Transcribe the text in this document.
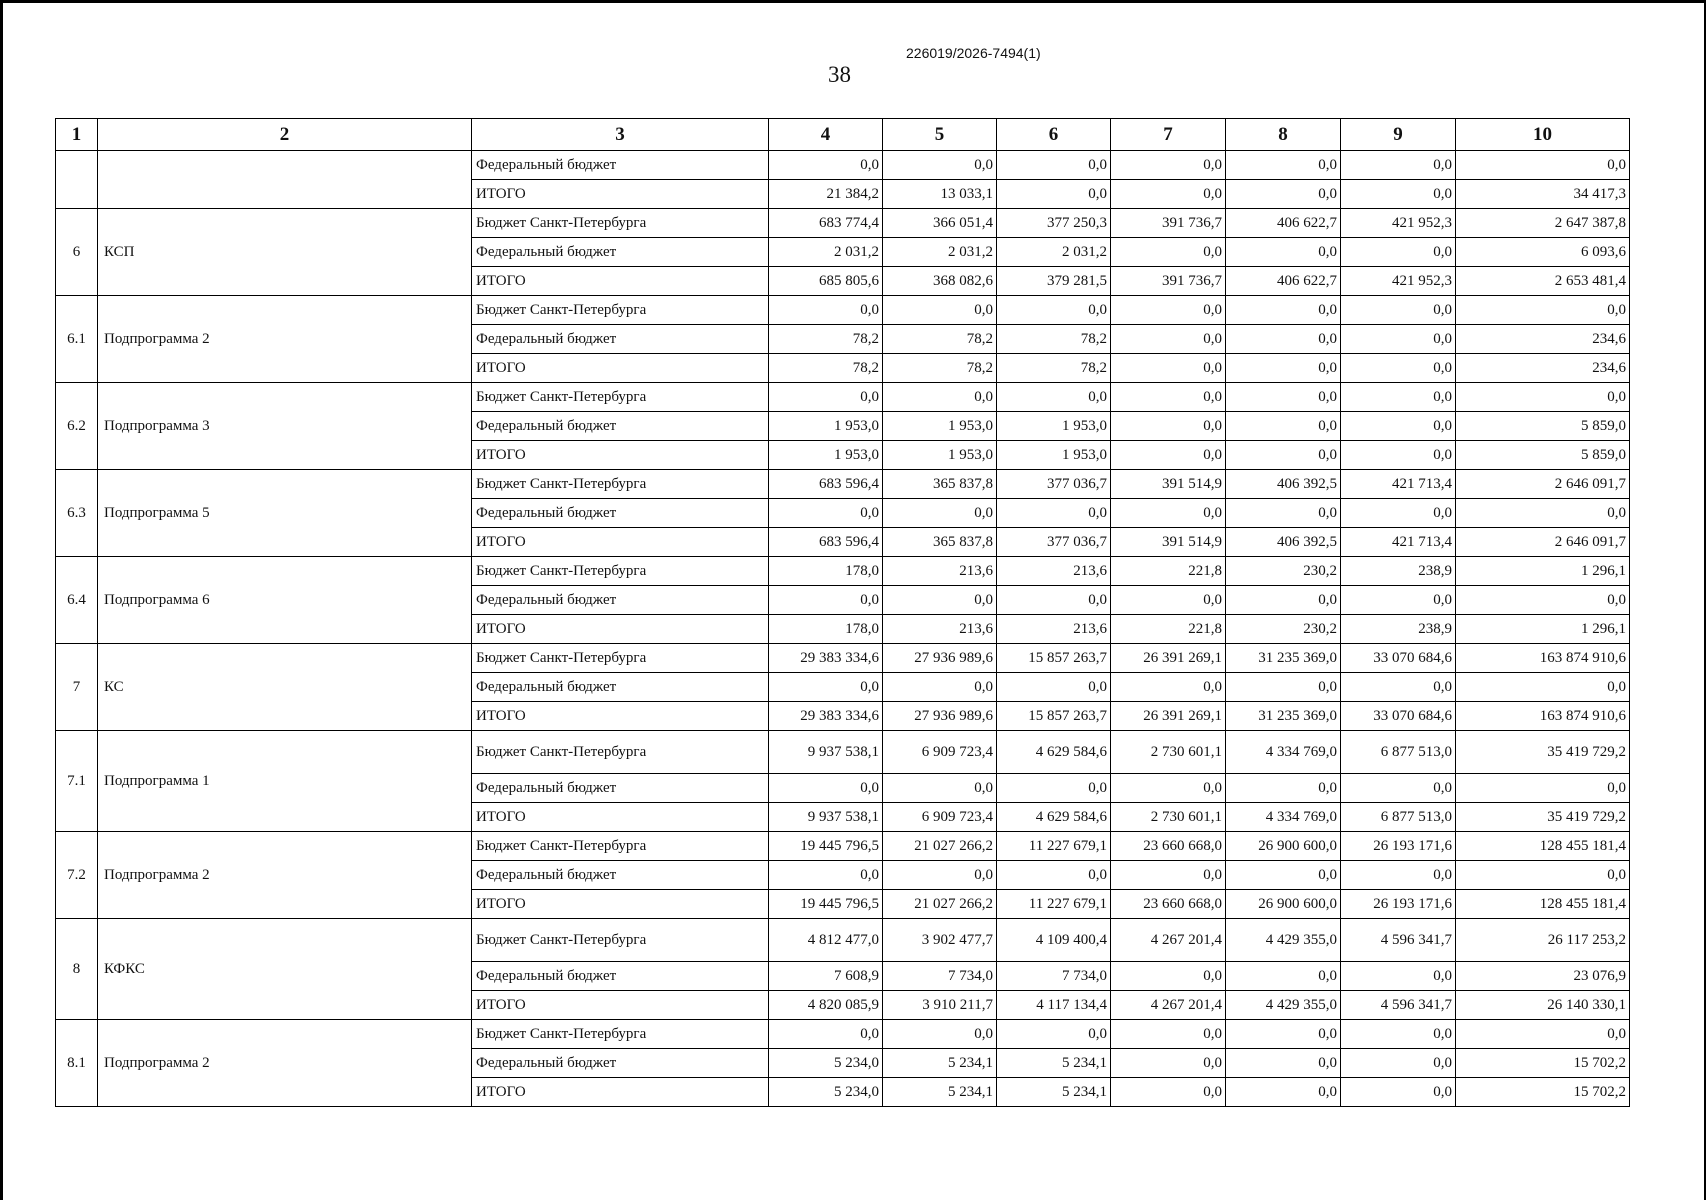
226019/2026-7494(1)
38
1	2	3	4	5	6	7	8	9	10
		Федеральный бюджет	0,0	0,0	0,0	0,0	0,0	0,0	0,0
		ИТОГО	21 384,2	13 033,1	0,0	0,0	0,0	0,0	34 417,3
6	КСП	Бюджет Санкт-Петербурга	683 774,4	366 051,4	377 250,3	391 736,7	406 622,7	421 952,3	2 647 387,8
		Федеральный бюджет	2 031,2	2 031,2	2 031,2	0,0	0,0	0,0	6 093,6
		ИТОГО	685 805,6	368 082,6	379 281,5	391 736,7	406 622,7	421 952,3	2 653 481,4
6.1	Подпрограмма 2	Бюджет Санкт-Петербурга	0,0	0,0	0,0	0,0	0,0	0,0	0,0
		Федеральный бюджет	78,2	78,2	78,2	0,0	0,0	0,0	234,6
		ИТОГО	78,2	78,2	78,2	0,0	0,0	0,0	234,6
6.2	Подпрограмма 3	Бюджет Санкт-Петербурга	0,0	0,0	0,0	0,0	0,0	0,0	0,0
		Федеральный бюджет	1 953,0	1 953,0	1 953,0	0,0	0,0	0,0	5 859,0
		ИТОГО	1 953,0	1 953,0	1 953,0	0,0	0,0	0,0	5 859,0
6.3	Подпрограмма 5	Бюджет Санкт-Петербурга	683 596,4	365 837,8	377 036,7	391 514,9	406 392,5	421 713,4	2 646 091,7
		Федеральный бюджет	0,0	0,0	0,0	0,0	0,0	0,0	0,0
		ИТОГО	683 596,4	365 837,8	377 036,7	391 514,9	406 392,5	421 713,4	2 646 091,7
6.4	Подпрограмма 6	Бюджет Санкт-Петербурга	178,0	213,6	213,6	221,8	230,2	238,9	1 296,1
		Федеральный бюджет	0,0	0,0	0,0	0,0	0,0	0,0	0,0
		ИТОГО	178,0	213,6	213,6	221,8	230,2	238,9	1 296,1
7	КС	Бюджет Санкт-Петербурга	29 383 334,6	27 936 989,6	15 857 263,7	26 391 269,1	31 235 369,0	33 070 684,6	163 874 910,6
		Федеральный бюджет	0,0	0,0	0,0	0,0	0,0	0,0	0,0
		ИТОГО	29 383 334,6	27 936 989,6	15 857 263,7	26 391 269,1	31 235 369,0	33 070 684,6	163 874 910,6
7.1	Подпрограмма 1	Бюджет Санкт-Петербурга	9 937 538,1	6 909 723,4	4 629 584,6	2 730 601,1	4 334 769,0	6 877 513,0	35 419 729,2
		Федеральный бюджет	0,0	0,0	0,0	0,0	0,0	0,0	0,0
		ИТОГО	9 937 538,1	6 909 723,4	4 629 584,6	2 730 601,1	4 334 769,0	6 877 513,0	35 419 729,2
7.2	Подпрограмма 2	Бюджет Санкт-Петербурга	19 445 796,5	21 027 266,2	11 227 679,1	23 660 668,0	26 900 600,0	26 193 171,6	128 455 181,4
		Федеральный бюджет	0,0	0,0	0,0	0,0	0,0	0,0	0,0
		ИТОГО	19 445 796,5	21 027 266,2	11 227 679,1	23 660 668,0	26 900 600,0	26 193 171,6	128 455 181,4
8	КФКС	Бюджет Санкт-Петербурга	4 812 477,0	3 902 477,7	4 109 400,4	4 267 201,4	4 429 355,0	4 596 341,7	26 117 253,2
		Федеральный бюджет	7 608,9	7 734,0	7 734,0	0,0	0,0	0,0	23 076,9
		ИТОГО	4 820 085,9	3 910 211,7	4 117 134,4	4 267 201,4	4 429 355,0	4 596 341,7	26 140 330,1
8.1	Подпрограмма 2	Бюджет Санкт-Петербурга	0,0	0,0	0,0	0,0	0,0	0,0	0,0
		Федеральный бюджет	5 234,0	5 234,1	5 234,1	0,0	0,0	0,0	15 702,2
		ИТОГО	5 234,0	5 234,1	5 234,1	0,0	0,0	0,0	15 702,2
